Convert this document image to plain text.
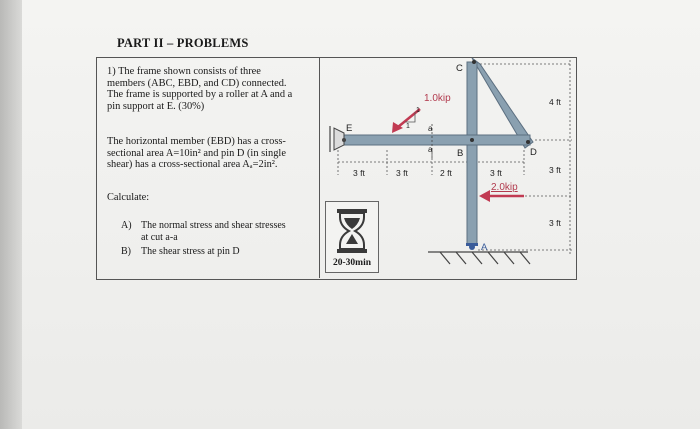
PART II – PROBLEMS
1) The frame shown consists of three
members (ABC, EBD, and CD) connected.
The frame is supported by a roller at A and a
pin support at E. (30%)
The horizontal member (EBD) has a cross-
sectional area A=10in² and pin D (in single
shear) has a cross-sectional area Aₐ=2in².
Calculate:
A) The normal stress and shear stresses
at cut a-a
B) The shear stress at pin D
20-30min
C
B	D
E
A
a
a
1
1
1.0kip
2.0kip
3 ft	3 ft	2 ft	3 ft
4 ft
3 ft
3 ft
